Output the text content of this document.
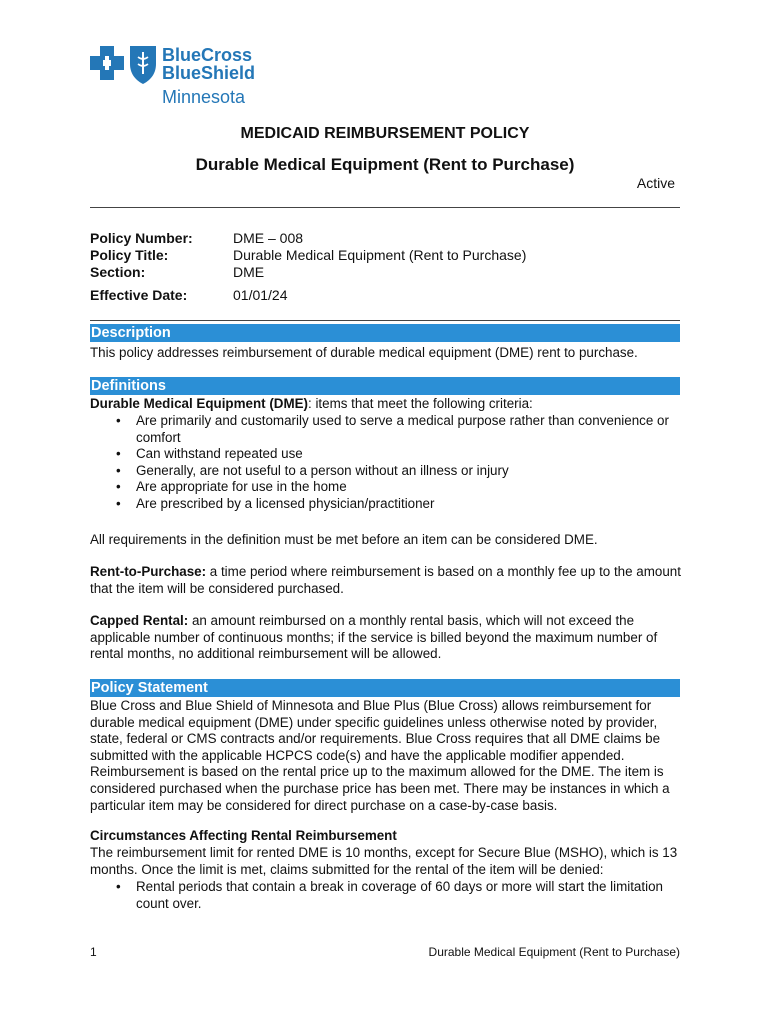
BlueCross
BlueShield
Minnesota
MEDICAID REIMBURSEMENT POLICY
Durable Medical Equipment (Rent to Purchase)
Active
Policy Number:	DME – 008
Policy Title:	Durable Medical Equipment (Rent to Purchase)
Section:	DME
Effective Date:	01/01/24
Description

This policy addresses reimbursement of durable medical equipment (DME) rent to purchase.

Definitions

Durable Medical Equipment (DME): items that meet the following criteria:

• Are primarily and customarily used to serve a medical purpose rather than convenience or comfort
• Can withstand repeated use
• Generally, are not useful to a person without an illness or injury
• Are appropriate for use in the home
• Are prescribed by a licensed physician/practitioner

All requirements in the definition must be met before an item can be considered DME.

Rent-to-Purchase: a time period where reimbursement is based on a monthly fee up to the amount that the item will be considered purchased.

Capped Rental: an amount reimbursed on a monthly rental basis, which will not exceed the applicable number of continuous months; if the service is billed beyond the maximum number of rental months, no additional reimbursement will be allowed.

Policy Statement

Blue Cross and Blue Shield of Minnesota and Blue Plus (Blue Cross) allows reimbursement for durable medical equipment (DME) under specific guidelines unless otherwise noted by provider, state, federal or CMS contracts and/or requirements. Blue Cross requires that all DME claims be submitted with the applicable HCPCS code(s) and have the applicable modifier appended. Reimbursement is based on the rental price up to the maximum allowed for the DME. The item is considered purchased when the purchase price has been met. There may be instances in which a particular item may be considered for direct purchase on a case-by-case basis.

Circumstances Affecting Rental Reimbursement

The reimbursement limit for rented DME is 10 months, except for Secure Blue (MSHO), which is 13 months. Once the limit is met, claims submitted for the rental of the item will be denied:

• Rental periods that contain a break in coverage of 60 days or more will start the limitation count over.
1	Durable Medical Equipment (Rent to Purchase)
